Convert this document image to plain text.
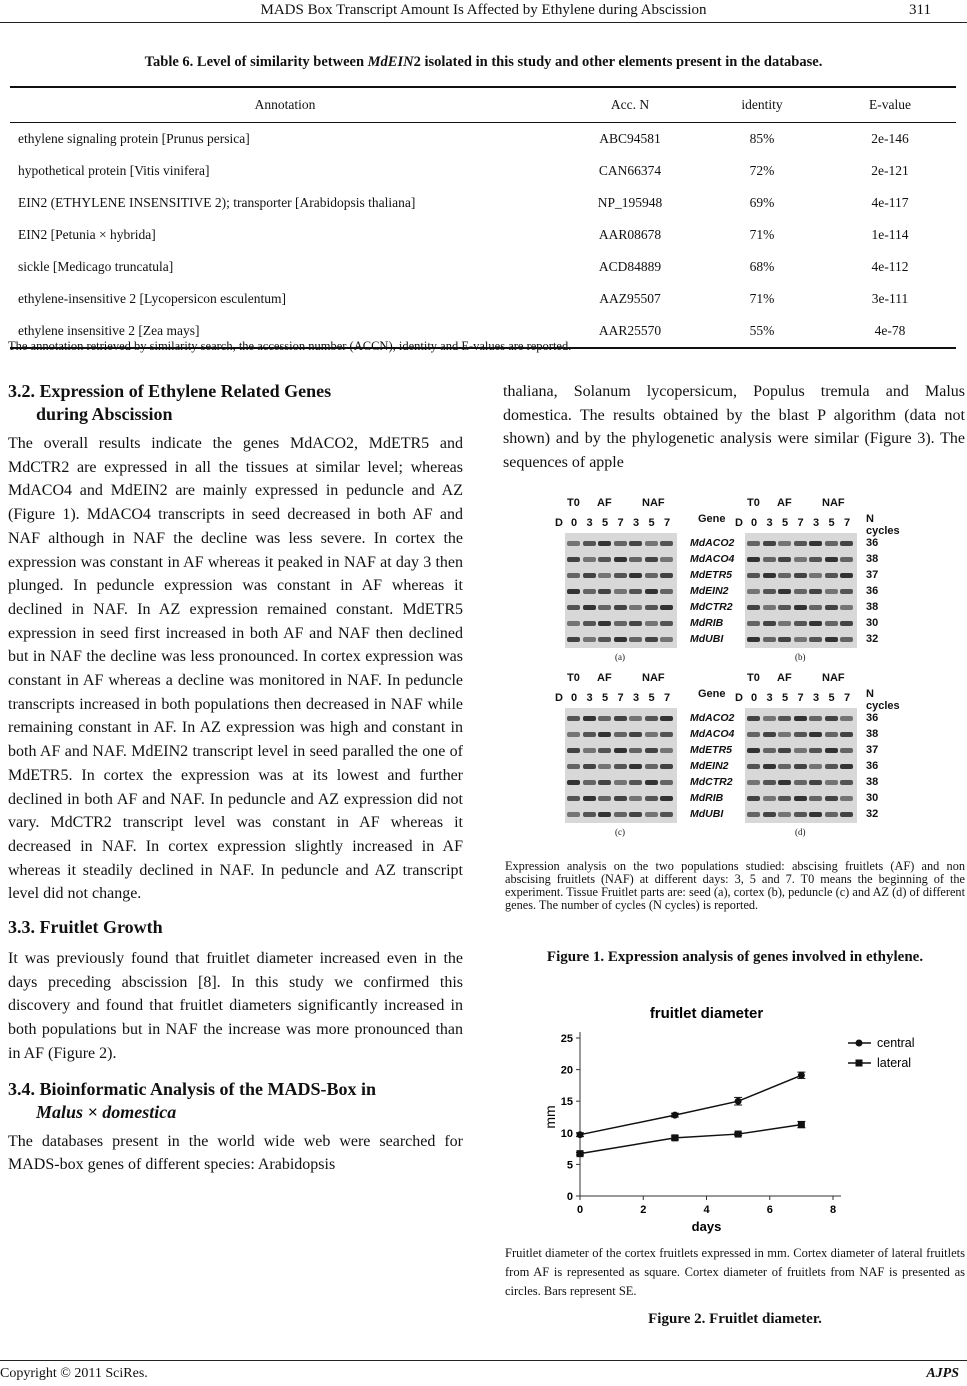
MADS Box Transcript Amount Is Affected by Ethylene during Abscission	311
Table 6. Level of similarity between MdEIN2 isolated in this study and other elements present in the database.
Annotation	Acc. N	identity	E-value
ethylene signaling protein [Prunus persica]	ABC94581	85%	2e-146
hypothetical protein [Vitis vinifera]	CAN66374	72%	2e-121
EIN2 (ETHYLENE INSENSITIVE 2); transporter [Arabidopsis thaliana]	NP_195948	69%	4e-117
EIN2 [Petunia × hybrida]	AAR08678	71%	1e-114
sickle [Medicago truncatula]	ACD84889	68%	4e-112
ethylene-insensitive 2 [Lycopersicon esculentum]	AAZ95507	71%	3e-111
ethylene insensitive 2 [Zea mays]	AAR25570	55%	4e-78
The annotation retrieved by similarity search, the accession number (ACCN), identity and E-values are reported.
3.2. Expression of Ethylene Related Genes
during Abscission

The overall results indicate the genes MdACO2, MdETR5 and MdCTR2 are expressed in all the tissues at similar level; whereas MdACO4 and MdEIN2 are mainly expressed in peduncle and AZ (Figure 1). MdACO4 transcripts in seed decreased in both AF and NAF although in NAF the decline was less severe. In cortex the expression was constant in AF whereas it peaked in NAF at day 3 then plunged. In peduncle expression was constant in AF whereas it declined in NAF. In AZ expression remained constant. MdETR5 expression in seed first increased in both AF and NAF then declined but in NAF the decline was less pronounced. In cortex expression was constant in AF whereas a decline was monitored in NAF. In peduncle transcripts increased in both populations then decreased in NAF while remaining constant in AF. In AZ expression was high and constant in both AF and NAF. MdEIN2 transcript level in seed paralled the one of MdETR5. In cortex the expression was at its lowest and further declined in both AF and NAF. In peduncle and AZ expression did not vary. MdCTR2 transcript level was constant in AF whereas it decreased in NAF. In cortex expression slightly increased in AF whereas it steadily declined in NAF. In peduncle and AZ transcript level did not change.

3.3. Fruitlet Growth

It was previously found that fruitlet diameter increased even in the days preceding abscission [8]. In this study we confirmed this discovery and found that fruitlet diameters significantly increased in both populations but in NAF the increase was more pronounced than in AF (Figure 2).

3.4. Bioinformatic Analysis of the MADS-Box in
Malus × domestica

The databases present in the world wide web were searched for MADS-box genes of different species: Arabidopsis

thaliana, Solanum lycopersicum, Populus tremula and Malus domestica. The results obtained by the blast P algorithm (data not shown) and by the phylogenetic analysis were similar (Figure 3). The sequences of apple

T0 AF	NAF
D 0 3 5 7 3 5 7
MdACO2
MdACO4
MdETR5
MdEIN2
MdCTR2
MdRIB
MdUBI
Gene
(a)
T0 AF	NAF
D 0 3 5 7 3 5 7
36
38
37
36
38
30
32
N cycles
(b)
T0 AF	NAF
D 0 3 5 7 3 5 7
MdACO2
MdACO4
MdETR5
MdEIN2
MdCTR2
MdRIB
MdUBI
Gene
(c)
T0 AF	NAF
D 0 3 5 7 3 5 7
36
38
37
36
38
30
32
N cycles
(d)
Expression analysis on the two populations studied: abscising fruitlets (AF) and non abscising fruitlets (NAF) at different days: 3, 5 and 7. T0 means the beginning of the experiment. Tissue Fruitlet parts are: seed (a), cortex (b), peduncle (c) and AZ (d) of different genes. The number of cycles (N cycles) is reported.
Figure 1. Expression analysis of genes involved in ethylene.
fruitlet diameter
0
5
10
15
20
25
0	2	4	6	8
days
mm
central
lateral
Fruitlet diameter of the cortex fruitlets expressed in mm. Cortex diameter of lateral fruitlets from AF is represented as square. Cortex diameter of fruitlets from NAF is presented as circles. Bars represent SE.
Figure 2. Fruitlet diameter.
Copyright © 2011 SciRes.	AJPS
